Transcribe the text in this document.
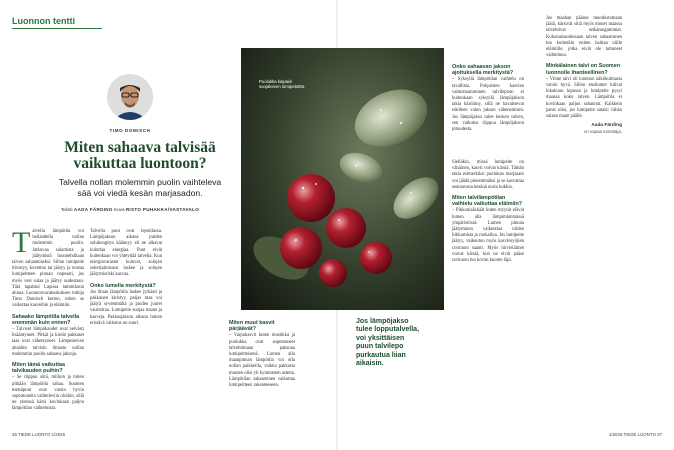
Luonnon tentti
TIMO DOMISCH
Miten sahaava talvisää vaikuttaa luontoon?
Talvella nollan molemmin puolin vaihteleva sää voi viedä kesän marjasadon.
Teksti AADA FÄRDING Kuva RISTO PUHAKKA/VASTAVALO

Talvella lämpötila voi heilahdella nollan molemmin puolin. Jatkuvaa sulamista ja jäätymistä luonnehditaan talven sahaamiseksi. Sillon lumipeite tiivistyy, kovettuu tai jäätyy ja nostaa lumipeitteen pinnan nopeasti, jos myös vesi sulaa ja jäätyy uudestaan. Tätä tapahtui Lapissa tammikuun alussa. Luonnonvarakeskuksen tutkija Timo Domisch kertoo, miten se vaikuttaa kasveihin ja eläimiin.

Sahaako lämpötila talvella enemmän kuin ennen?

– Talviset lämpökaudet ovat selvästi lisääntyneet. Pitkät ja kireät pakkaset taas ovat vähentyneet. Lämpenevien altaiden talvisin ilmasto nollan molemmin puolin sahaava jaksoja.

Miten tämä vaikuttaa talvikauden puihin?

– Se riippuu siitä, milloin ja miten pitkään lämpötila sahaa. Suomen metsäpuut ovat varsin hyvin sopeutuneita vaihteleviin oloihin, sillä ne yleensä kärsi kovinkaan paljon lämpötilan vaihteluista.

Talvella puut ovat lepotilassa. Lämpöjakson aikana puiden solukongitys käännyy eli ne alkavat kuluttaa energiaa. Puut eivät kuitenkaan voi yhteyttää talvella. Kun energiavarastot kuluvat, solujen sokeripitoisuus laskee ja solujen jäätymisriski kasvaa.

Onko lumella merkitystä?

Jos ilman lämpötila laskee jyrkästi ja pakkanen kiristyy, paljas maa voi jäätyä syvemmältä ja puiden juuret vaurioitua. Lumipeite suojaa maata ja kasveja. Pakkasjakson aikana lumen eristävä vaikutus on suuri.

Puolukka kaipaisi suojakseen lumipeitettä.
Miten muut kasvit pärjäävät?

– Varpukasvit kuten mustikka ja puolukka ovat sopeutuneet talvehtimaan paksuna lumipeitteisenä. Lumen alla maanpinnan lämpötila voi olla nollan paikkeilla, vaikka pakkasta muuten olisi yli kymmenen astetta. Lämpötilan sahaaminen vaikuttaa lumipeitteen rakenteeseen.

Jos lämpöjakso tulee lopputalvella, voi yksittäisen puun talvilepo purkautua liian aikaisin.
Onko sahaavan jakson ajoituksella merkitystä?

– Syksyllä lämpötilan vaihtelu on tavallista. Pohjoisten kasvien valmistautuminen talvilepoon ei kuitenkaan syksyllä lämpöjakson takia häiriinny, sillä ne havaitsevat edelleen valon jakson vähenemisen. Jos lämpöjakso tulee kesken talven, sen vaikutus riippuu lämpöjakson pituudesta.

Sielläkin, missä lumipeite on vähäinen, kasvit voivat kärsiä. Tämän takia esimerkiksi puolukan marjasato voi jäädä pienemmäksi ja se kasvattaa seuraavana kesänä uusia kukkia.

Miten talvilämpötilan vaihtelu vaikuttaa eläimiin?

– Pikkunisäkkäät kuten myyrät elävät lumen alla lämpimämmässä ympäristössä. Lumen pinnan jäätyminen vaikeuttaa niiden liikkumista ja ruokailua. Jos lumipeite jäätyy, vaikeutuu myös kasvinsyöjien ravinnon saanti. Myös hirvieläimet voivat kärsiä, kun ne eivät pääse ravinnon luo kovan kuoren läpi.

Jos maahan pääsee muodostumaan jäätä, kärsivät siitä myös monet maassa talvehtivat selkärangattomat. Kokonaisuudessaan talven sahaaminen tuo kuitenkin eniten haittaa niille eläimille, jotka eivät ole tottuneet vaihteluun.

Minkälainen talvi on Suomen luonnolle ihanteellinen?

– Viime talvi oli luonnon näkökulmasta varsin hyvä. Sillon ensilumet tulivat lokakuun lopussa ja lumipeite pysyi maassa koko talven. Lämpötila ei kovinkaan paljon sahannut. Kaikkein paras olisi, jos lumipeite sataisi vähän sulaan maan päälle.

Aada Färding
on vapaa toimittaja.
36 TIEDE LUONTO 1/2025	1/2025 TIEDE LUONTO 37
